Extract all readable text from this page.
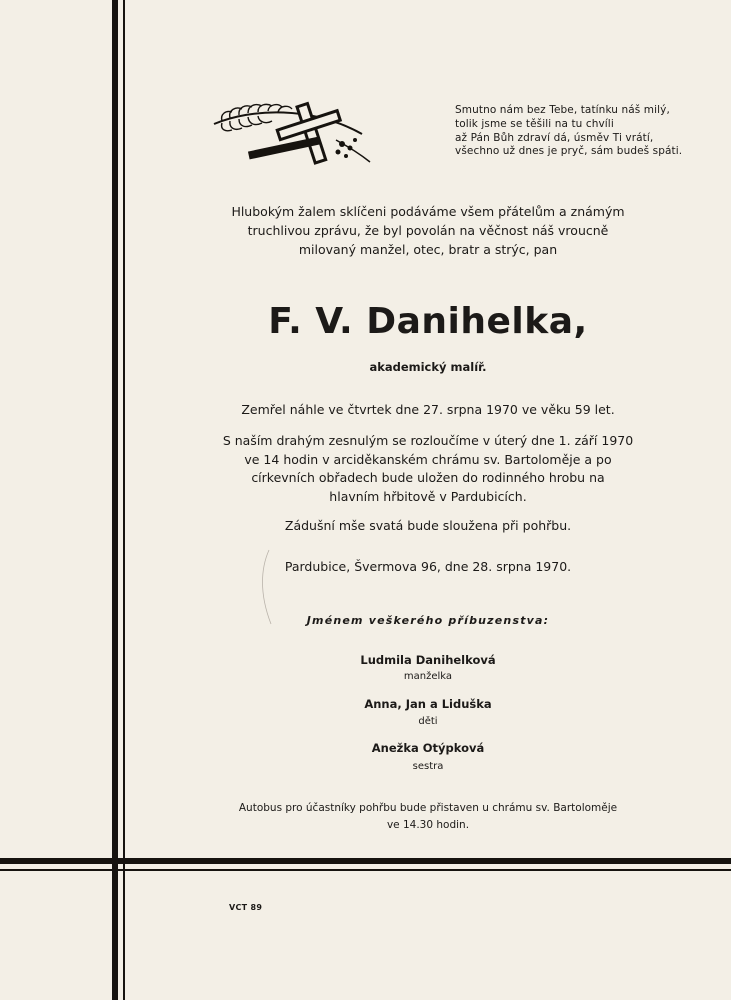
Smutno nám bez Tebe, tatínku náš milý,
tolik jsme se těšili na tu chvíli
až Pán Bůh zdraví dá, úsměv Ti vrátí,
všechno už dnes je pryč, sám budeš spáti.
Hlubokým žalem sklíčeni podáváme všem přátelům a známým
truchlivou zprávu, že byl povolán na věčnost náš vroucně
milovaný manžel, otec, bratr a strýc, pan
F. V. Danihelka,
akademický malíř.
Zemřel náhle ve čtvrtek dne 27. srpna 1970 ve věku 59 let.
S naším drahým zesnulým se rozloučíme v úterý dne 1. září 1970
ve 14 hodin v arciděkanském chrámu sv. Bartoloměje a po
církevních obřadech bude uložen do rodinného hrobu na
hlavním hřbitově v Pardubicích.
Zádušní mše svatá bude sloužena při pohřbu.
Pardubice, Švermova 96, dne 28. srpna 1970.
Jménem veškerého příbuzenstva:
Ludmila Danihelková
manželka
Anna, Jan a Liduška
děti
Anežka Otýpková
sestra
Autobus pro účastníky pohřbu bude přistaven u chrámu sv. Bartoloměje
ve 14.30 hodin.
VCT 89
